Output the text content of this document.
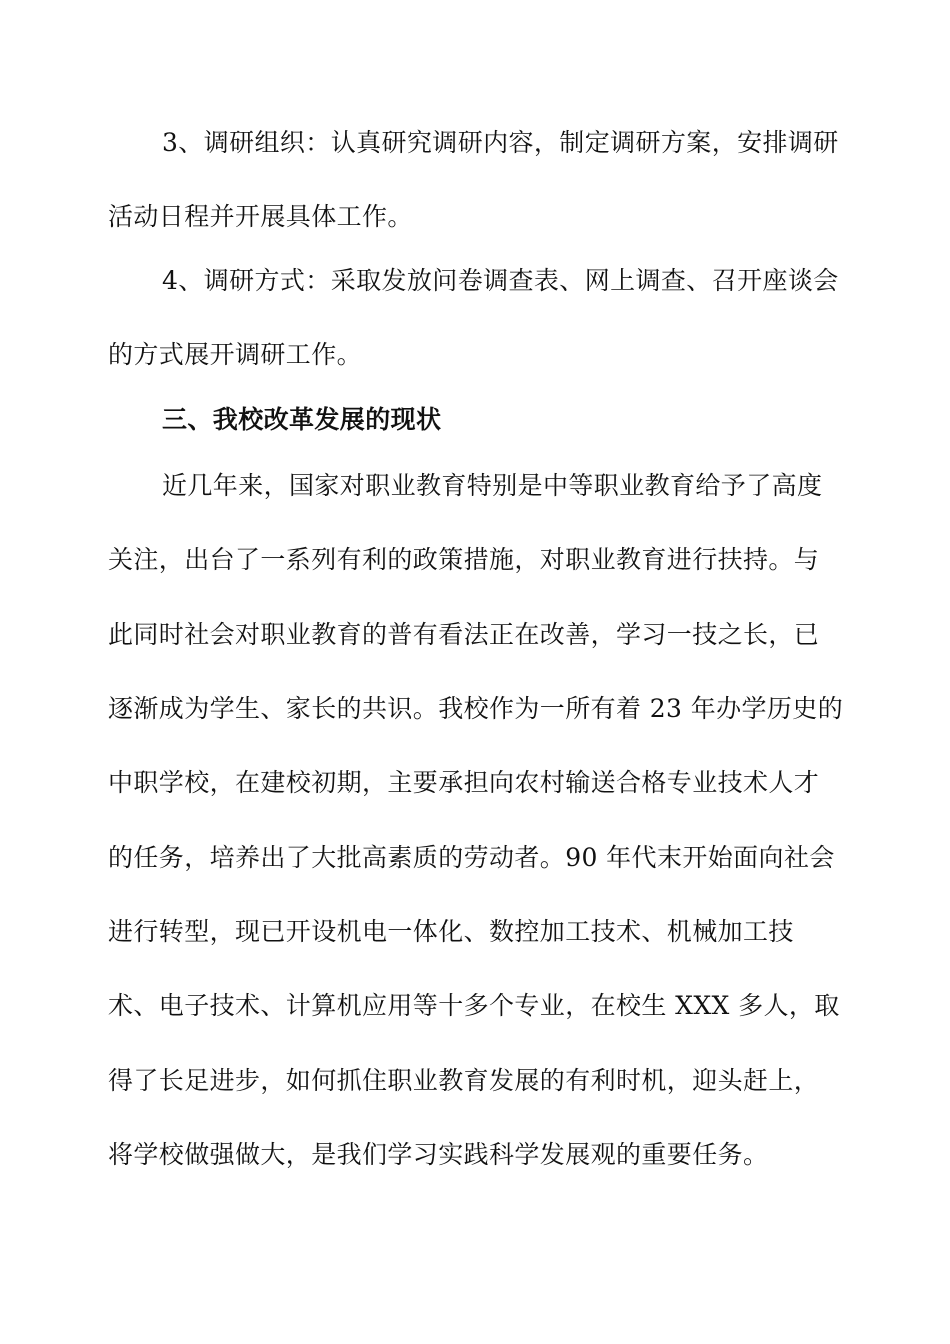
3、调研组织：认真研究调研内容，制定调研方案，安排调研
活动日程并开展具体工作。
4、调研方式：采取发放问卷调查表、网上调查、召开座谈会
的方式展开调研工作。
三、我校改革发展的现状
近几年来，国家对职业教育特别是中等职业教育给予了高度
关注，出台了一系列有利的政策措施，对职业教育进行扶持。与
此同时社会对职业教育的普有看法正在改善，学习一技之长，已
逐渐成为学生、家长的共识。我校作为一所有着 23 年办学历史的
中职学校，在建校初期，主要承担向农村输送合格专业技术人才
的任务，培养出了大批高素质的劳动者。90 年代末开始面向社会
进行转型，现已开设机电一体化、数控加工技术、机械加工技
术、电子技术、计算机应用等十多个专业，在校生 XXX 多人，取
得了长足进步，如何抓住职业教育发展的有利时机，迎头赶上，
将学校做强做大，是我们学习实践科学发展观的重要任务。
